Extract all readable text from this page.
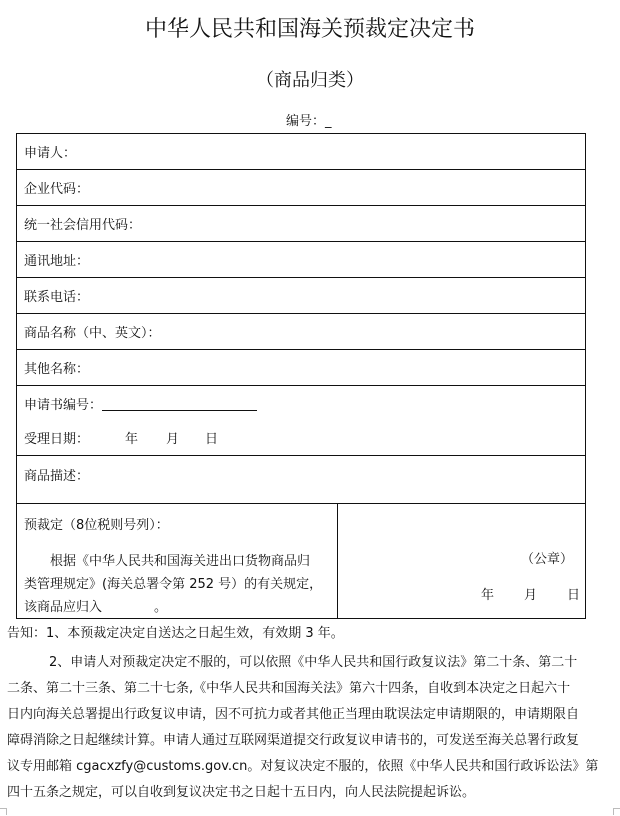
中华人民共和国海关预裁定决定书
（商品归类）
编号：_
申请人：
企业代码：
统一社会信用代码：
通讯地址：
联系电话：
商品名称（中、英文）：
其他名称：
申请书编号：
受理日期：	年 月 日
商品描述：
预裁定（8位税则号列）：
根据《中华人民共和国海关进出口货物商品归
类管理规定》(海关总署令第 252 号）的有关规定，
该商品应归入	。
（公章）
年 月 日
告知：1、本预裁定决定自送达之日起生效，有效期 3 年。
2、申请人对预裁定决定不服的，可以依照《中华人民共和国行政复议法》第二十条、第二十
二条、第二十三条、第二十七条,《中华人民共和国海关法》第六十四条，自收到本决定之日起六十
日内向海关总署提出行政复议申请，因不可抗力或者其他正当理由耽误法定申请期限的，申请期限自
障碍消除之日起继续计算。申请人通过互联网渠道提交行政复议申请书的，可发送至海关总署行政复
议专用邮箱 cgacxzfy@customs.gov.cn。对复议决定不服的，依照《中华人民共和国行政诉讼法》第
四十五条之规定，可以自收到复议决定书之日起十五日内，向人民法院提起诉讼。
